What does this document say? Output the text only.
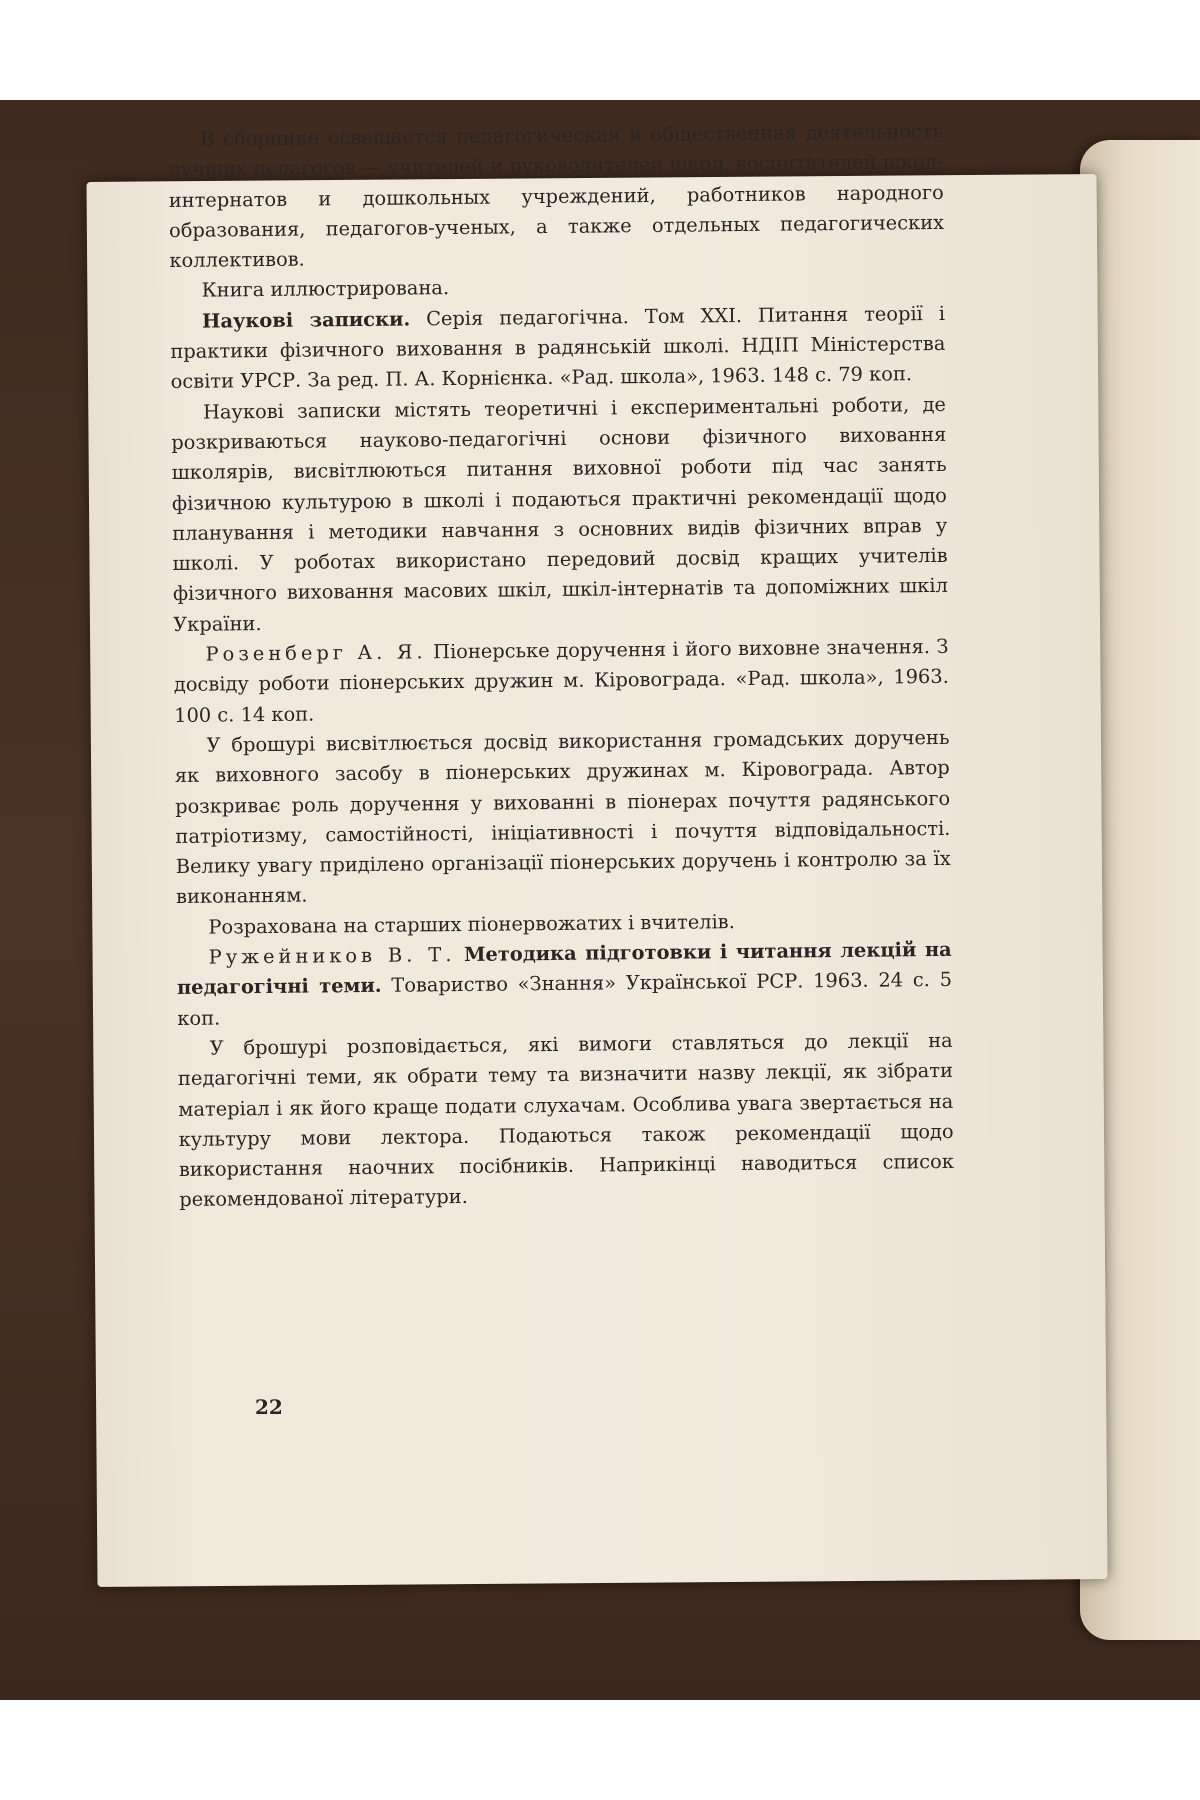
В сборнике освещается педагогическая и общественная деятельность лучших педагогов — учителей и руководителей школ, воспитателей школ-интернатов и дошкольных учреждений, работников народного образования, педагогов-ученых, а также отдельных педагогических коллективов.

Книга иллюстрирована.

Наукові записки. Серія педагогічна. Том XXI. Питання теорії і практики фізичного виховання в радянській школі. НДІП Міністерства освіти УРСР. За ред. П. А. Корнієнка. «Рад. школа», 1963. 148 с. 79 коп.

Наукові записки містять теоретичні і експериментальні роботи, де розкриваються науково-педагогічні основи фізичного виховання школярів, висвітлюються питання виховної роботи під час занять фізичною культурою в школі і подаються практичні рекомендації щодо планування і методики навчання з основних видів фізичних вправ у школі. У роботах використано передовий досвід кращих учителів фізичного виховання масових шкіл, шкіл-інтернатів та допоміжних шкіл України.

Розенберг А. Я. Піонерське доручення і його виховне значення. З досвіду роботи піонерських дружин м. Кіровограда. «Рад. школа», 1963. 100 с. 14 коп.

У брошурі висвітлюється досвід використання громадських доручень як виховного засобу в піонерських дружинах м. Кіровограда. Автор розкриває роль доручення у вихованні в піонерах почуття радянського патріотизму, самостійності, ініціативності і почуття відповідальності. Велику увагу приділено організації піонерських доручень і контролю за їх виконанням.

Розрахована на старших піонервожатих і вчителів.

Ружейников В. Т. Методика підготовки і читання лекцій на педагогічні теми. Товариство «Знання» Української РСР. 1963. 24 с. 5 коп.

У брошурі розповідається, які вимоги ставляться до лекції на педагогічні теми, як обрати тему та визначити назву лекції, як зібрати матеріал і як його краще подати слухачам. Особлива увага звертається на культуру мови лектора. Подаються також рекомендації щодо використання наочних посібників. Наприкінці наводиться список рекомендованої літератури.

22
